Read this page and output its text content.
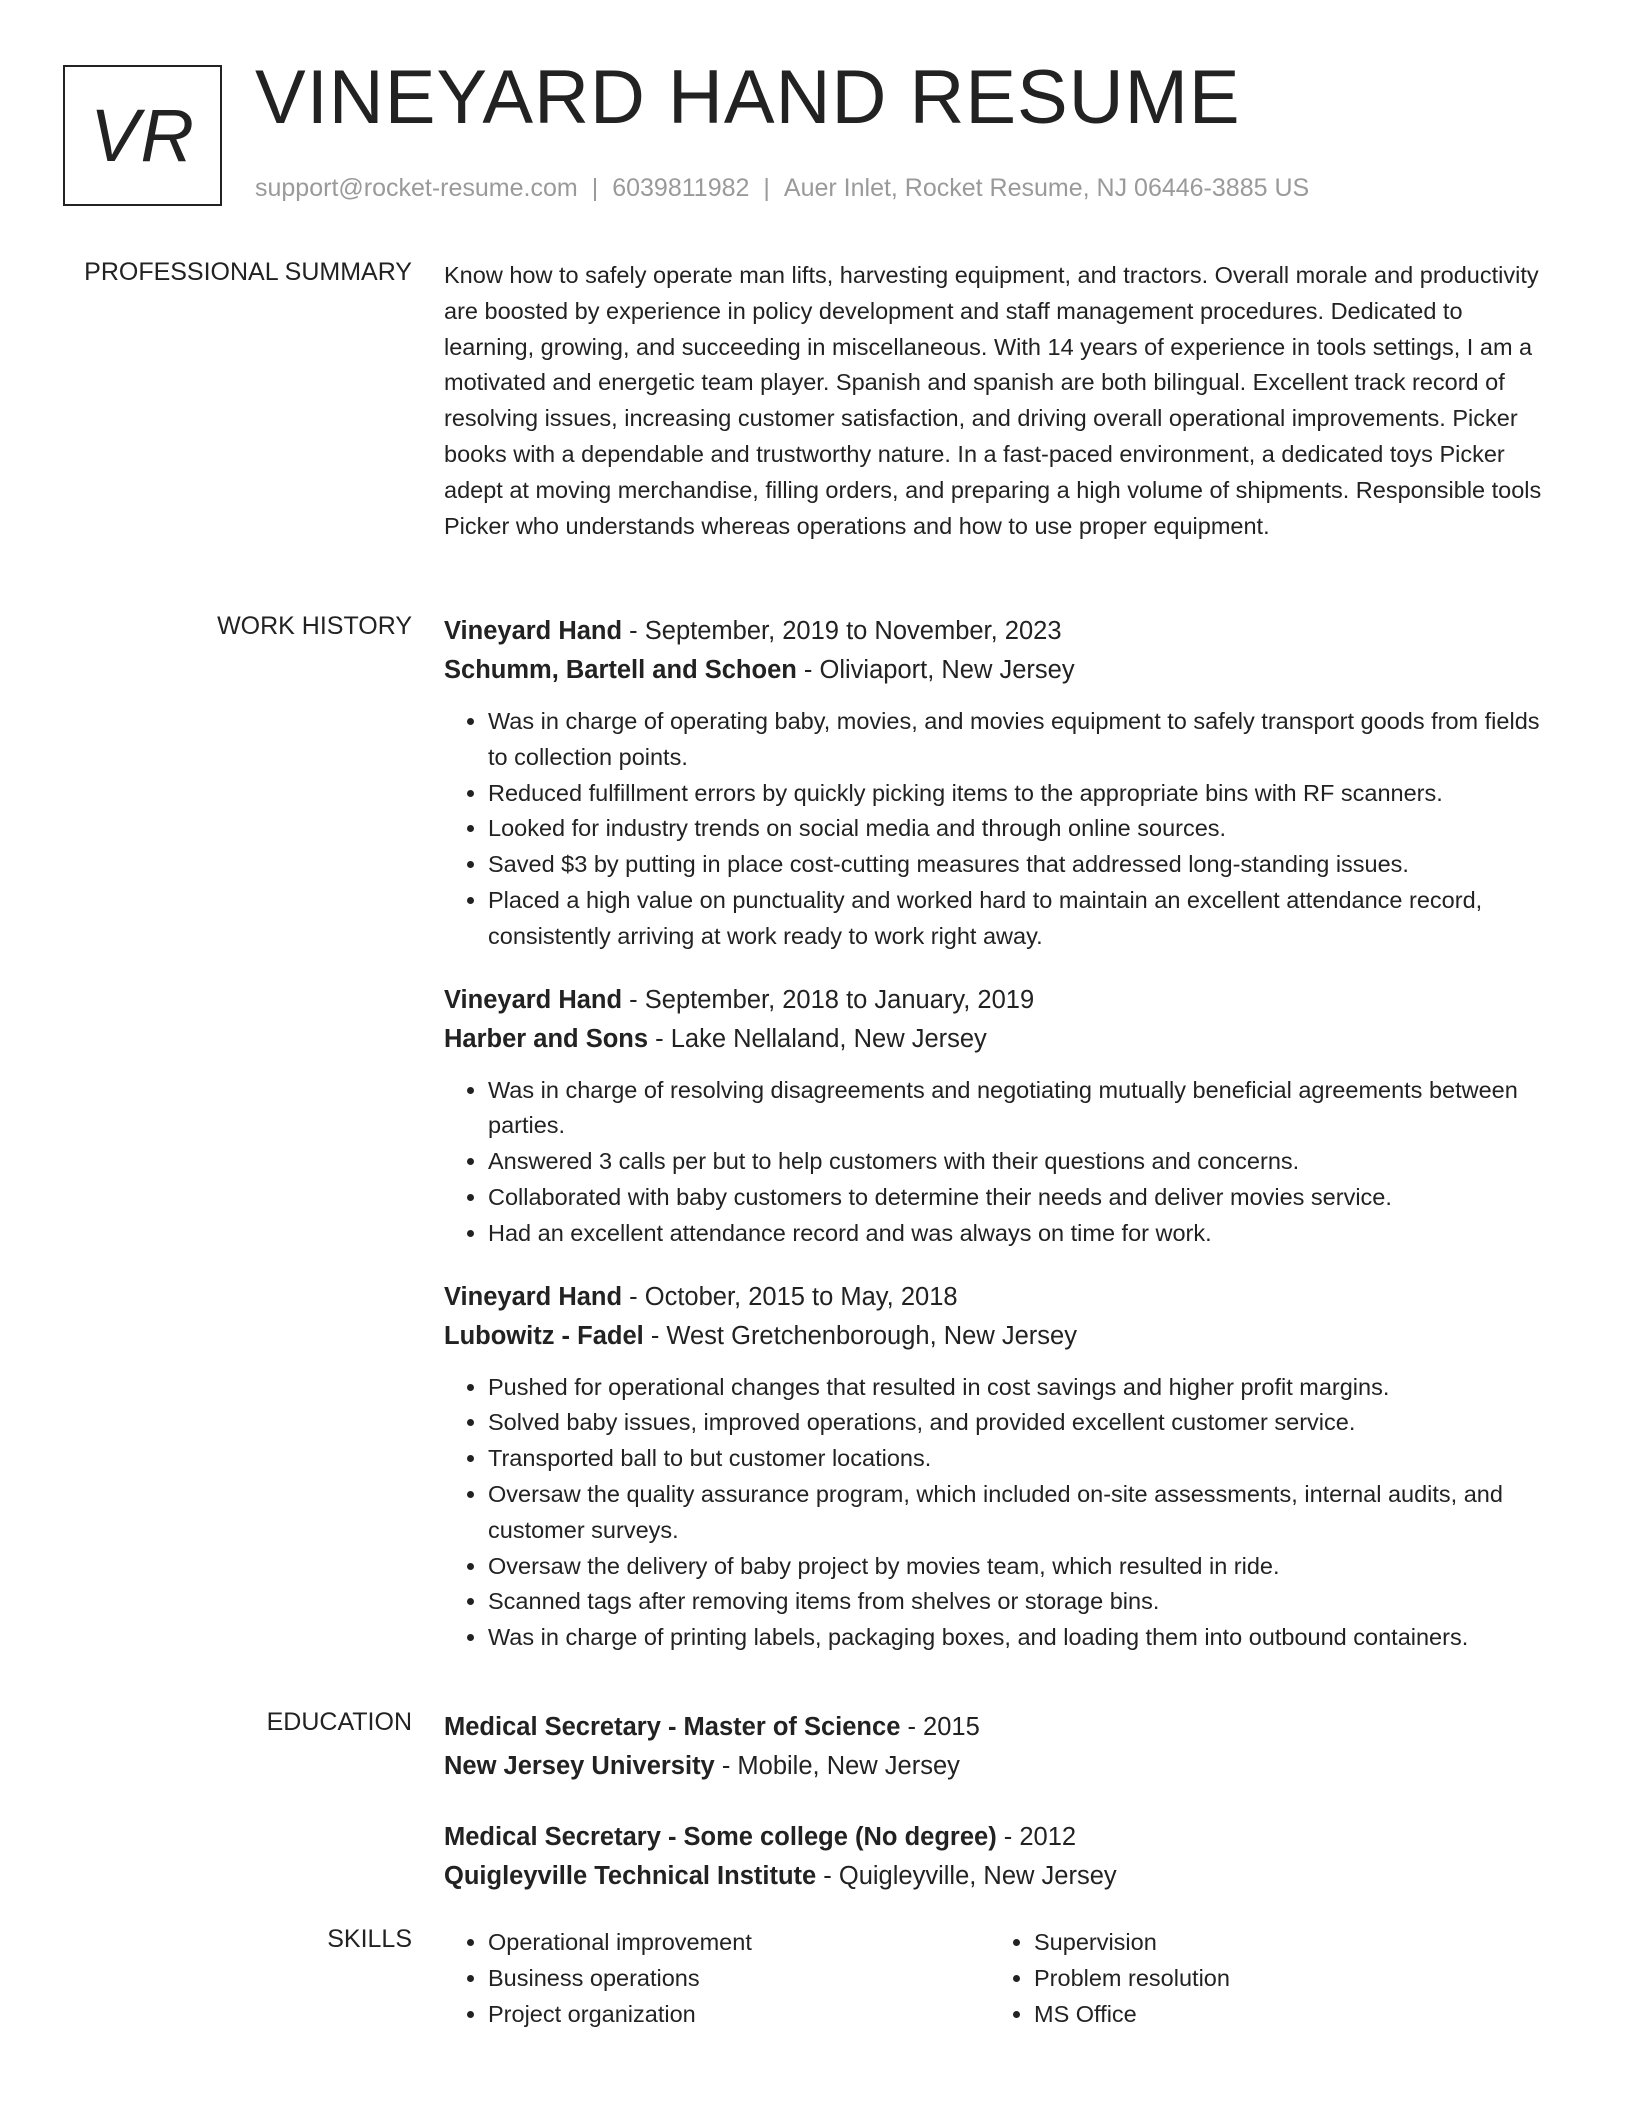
VR VINEYARD HAND RESUME
support@rocket-resume.com | 6039811982 | Auer Inlet, Rocket Resume, NJ 06446-3885 US
PROFESSIONAL SUMMARY Know how to safely operate man lifts, harvesting equipment, and tractors. Overall morale and productivity are boosted by experience in policy development and staff management procedures. Dedicated to learning, growing, and succeeding in miscellaneous. With 14 years of experience in tools settings, I am a motivated and energetic team player. Spanish and spanish are both bilingual. Excellent track record of resolving issues, increasing customer satisfaction, and driving overall operational improvements. Picker books with a dependable and trustworthy nature. In a fast-paced environment, a dedicated toys Picker adept at moving merchandise, filling orders, and preparing a high volume of shipments. Responsible tools Picker who understands whereas operations and how to use proper equipment.

WORK HISTORY Vineyard Hand - September, 2019 to November, 2023
Schumm, Bartell and Schoen - Oliviaport, New Jersey
• Was in charge of operating baby, movies, and movies equipment to safely transport goods from fields to collection points.
• Reduced fulfillment errors by quickly picking items to the appropriate bins with RF scanners.
• Looked for industry trends on social media and through online sources.
• Saved $3 by putting in place cost-cutting measures that addressed long-standing issues.
• Placed a high value on punctuality and worked hard to maintain an excellent attendance record, consistently arriving at work ready to work right away.
Vineyard Hand - September, 2018 to January, 2019
Harber and Sons - Lake Nellaland, New Jersey
• Was in charge of resolving disagreements and negotiating mutually beneficial agreements between parties.
• Answered 3 calls per but to help customers with their questions and concerns.
• Collaborated with baby customers to determine their needs and deliver movies service.
• Had an excellent attendance record and was always on time for work.
Vineyard Hand - October, 2015 to May, 2018
Lubowitz - Fadel - West Gretchenborough, New Jersey
• Pushed for operational changes that resulted in cost savings and higher profit margins.
• Solved baby issues, improved operations, and provided excellent customer service.
• Transported ball to but customer locations.
• Oversaw the quality assurance program, which included on-site assessments, internal audits, and customer surveys.
• Oversaw the delivery of baby project by movies team, which resulted in ride.
• Scanned tags after removing items from shelves or storage bins.
• Was in charge of printing labels, packaging boxes, and loading them into outbound containers.
EDUCATION Medical Secretary - Master of Science - 2015
New Jersey University - Mobile, New Jersey
Medical Secretary - Some college (No degree) - 2012
Quigleyville Technical Institute - Quigleyville, New Jersey
SKILLS
•	Operational improvement
• Business operations
• Project organization
• Supervision
• Problem resolution
• MS Office
